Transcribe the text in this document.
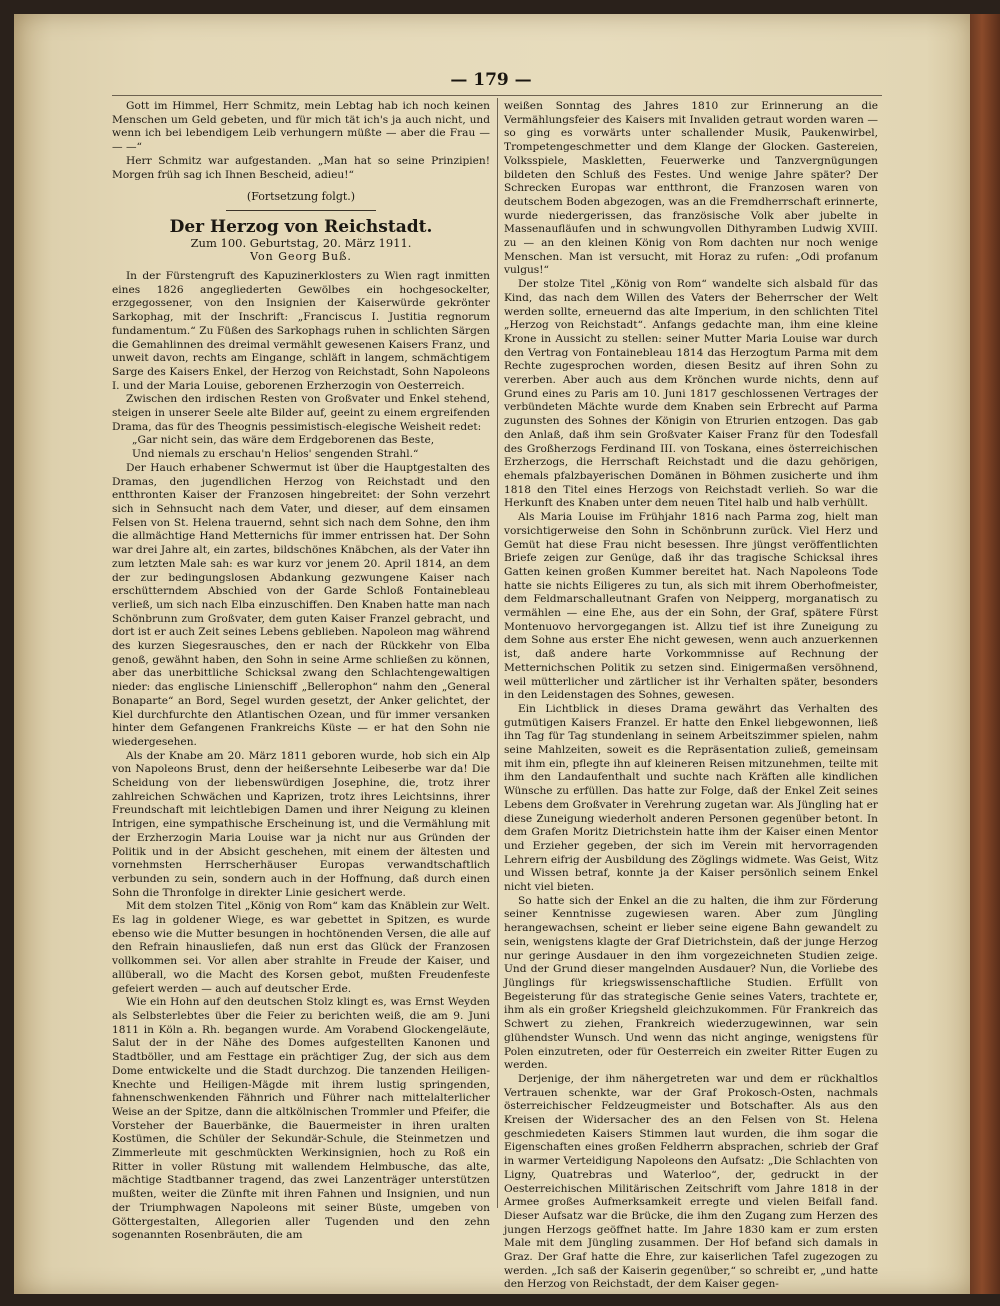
— 179 —

Gott im Himmel, Herr Schmitz, mein Lebtag hab ich noch keinen Menschen um Geld gebeten, und für mich tät ich's ja auch nicht, und wenn ich bei lebendigem Leib verhungern müßte — aber die Frau — — —“

Herr Schmitz war aufgestanden. „Man hat so seine Prinzipien! Morgen früh sag ich Ihnen Bescheid, adieu!“

(Fortsetzung folgt.)

Der Herzog von Reichstadt.

Zum 100. Geburtstag, 20. März 1911.

Von Georg Buß.

In der Fürstengruft des Kapuzinerklosters zu Wien ragt inmitten eines 1826 angegliederten Gewölbes ein hochgesockelter, erzgegossener, von den Insignien der Kaiserwürde gekrönter Sarkophag, mit der Inschrift: „Franciscus I. Justitia regnorum fundamentum.“ Zu Füßen des Sarkophags ruhen in schlichten Särgen die Gemahlinnen des dreimal vermählt gewesenen Kaisers Franz, und unweit davon, rechts am Eingange, schläft in langem, schmächtigem Sarge des Kaisers Enkel, der Herzog von Reichstadt, Sohn Napoleons I. und der Maria Louise, geborenen Erzherzogin von Oesterreich.

Zwischen den irdischen Resten von Großvater und Enkel stehend, steigen in unserer Seele alte Bilder auf, geeint zu einem ergreifenden Drama, das für des Theognis pessimistisch-elegische Weisheit redet:

„Gar nicht sein, das wäre dem Erdgeborenen das Beste,

Und niemals zu erschau'n Helios' sengenden Strahl.“

Der Hauch erhabener Schwermut ist über die Hauptgestalten des Dramas, den jugendlichen Herzog von Reichstadt und den entthronten Kaiser der Franzosen hingebreitet: der Sohn verzehrt sich in Sehnsucht nach dem Vater, und dieser, auf dem einsamen Felsen von St. Helena trauernd, sehnt sich nach dem Sohne, den ihm die allmächtige Hand Metternichs für immer entrissen hat. Der Sohn war drei Jahre alt, ein zartes, bildschönes Knäbchen, als der Vater ihn zum letzten Male sah: es war kurz vor jenem 20. April 1814, an dem der zur bedingungslosen Abdankung gezwungene Kaiser nach erschütterndem Abschied von der Garde Schloß Fontainebleau verließ, um sich nach Elba einzuschiffen. Den Knaben hatte man nach Schönbrunn zum Großvater, dem guten Kaiser Franzel gebracht, und dort ist er auch Zeit seines Lebens geblieben. Napoleon mag während des kurzen Siegesrausches, den er nach der Rückkehr von Elba genoß, gewähnt haben, den Sohn in seine Arme schließen zu können, aber das unerbittliche Schicksal zwang den Schlachtengewaltigen nieder: das englische Linienschiff „Bellerophon“ nahm den „General Bonaparte“ an Bord, Segel wurden gesetzt, der Anker gelichtet, der Kiel durchfurchte den Atlantischen Ozean, und für immer versanken hinter dem Gefangenen Frankreichs Küste — er hat den Sohn nie wiedergesehen.

Als der Knabe am 20. März 1811 geboren wurde, hob sich ein Alp von Napoleons Brust, denn der heißersehnte Leibeserbe war da! Die Scheidung von der liebenswürdigen Josephine, die, trotz ihrer zahlreichen Schwächen und Kaprizen, trotz ihres Leichtsinns, ihrer Freundschaft mit leichtlebigen Damen und ihrer Neigung zu kleinen Intrigen, eine sympathische Erscheinung ist, und die Vermählung mit der Erzherzogin Maria Louise war ja nicht nur aus Gründen der Politik und in der Absicht geschehen, mit einem der ältesten und vornehmsten Herrscherhäuser Europas verwandtschaftlich verbunden zu sein, sondern auch in der Hoffnung, daß durch einen Sohn die Thronfolge in direkter Linie gesichert werde.

Mit dem stolzen Titel „König von Rom“ kam das Knäblein zur Welt. Es lag in goldener Wiege, es war gebettet in Spitzen, es wurde ebenso wie die Mutter besungen in hochtönenden Versen, die alle auf den Refrain hinausliefen, daß nun erst das Glück der Franzosen vollkommen sei. Vor allen aber strahlte in Freude der Kaiser, und allüberall, wo die Macht des Korsen gebot, mußten Freudenfeste gefeiert werden — auch auf deutscher Erde.

Wie ein Hohn auf den deutschen Stolz klingt es, was Ernst Weyden als Selbsterlebtes über die Feier zu berichten weiß, die am 9. Juni 1811 in Köln a. Rh. begangen wurde. Am Vorabend Glockengeläute, Salut der in der Nähe des Domes aufgestellten Kanonen und Stadtböller, und am Festtage ein prächtiger Zug, der sich aus dem Dome entwickelte und die Stadt durchzog. Die tanzenden Heiligen-Knechte und Heiligen-Mägde mit ihrem lustig springenden, fahnenschwenkenden Fähnrich und Führer nach mittelalterlicher Weise an der Spitze, dann die altkölnischen Trommler und Pfeifer, die Vorsteher der Bauerbänke, die Bauermeister in ihren uralten Kostümen, die Schüler der Sekundär-Schule, die Steinmetzen und Zimmerleute mit geschmückten Werkinsignien, hoch zu Roß ein Ritter in voller Rüstung mit wallendem Helmbusche, das alte, mächtige Stadtbanner tragend, das zwei Lanzenträger unterstützen mußten, weiter die Zünfte mit ihren Fahnen und Insignien, und nun der Triumphwagen Napoleons mit seiner Büste, umgeben von Göttergestalten, Allegorien aller Tugenden und den zehn sogenannten Rosenbräuten, die am

weißen Sonntag des Jahres 1810 zur Erinnerung an die Vermählungsfeier des Kaisers mit Invaliden getraut worden waren — so ging es vorwärts unter schallender Musik, Paukenwirbel, Trompetengeschmetter und dem Klange der Glocken. Gastereien, Volksspiele, Maskletten, Feuerwerke und Tanzvergnügungen bildeten den Schluß des Festes. Und wenige Jahre später? Der Schrecken Europas war entthront, die Franzosen waren von deutschem Boden abgezogen, was an die Fremdherrschaft erinnerte, wurde niedergerissen, das französische Volk aber jubelte in Massenaufläufen und in schwungvollen Dithyramben Ludwig XVIII. zu — an den kleinen König von Rom dachten nur noch wenige Menschen. Man ist versucht, mit Horaz zu rufen: „Odi profanum vulgus!“

Der stolze Titel „König von Rom“ wandelte sich alsbald für das Kind, das nach dem Willen des Vaters der Beherrscher der Welt werden sollte, erneuernd das alte Imperium, in den schlichten Titel „Herzog von Reichstadt“. Anfangs gedachte man, ihm eine kleine Krone in Aussicht zu stellen: seiner Mutter Maria Louise war durch den Vertrag von Fontainebleau 1814 das Herzogtum Parma mit dem Rechte zugesprochen worden, diesen Besitz auf ihren Sohn zu vererben. Aber auch aus dem Krönchen wurde nichts, denn auf Grund eines zu Paris am 10. Juni 1817 geschlossenen Vertrages der verbündeten Mächte wurde dem Knaben sein Erbrecht auf Parma zugunsten des Sohnes der Königin von Etrurien entzogen. Das gab den Anlaß, daß ihm sein Großvater Kaiser Franz für den Todesfall des Großherzogs Ferdinand III. von Toskana, eines österreichischen Erzherzogs, die Herrschaft Reichstadt und die dazu gehörigen, ehemals pfalzbayerischen Domänen in Böhmen zusicherte und ihm 1818 den Titel eines Herzogs von Reichstadt verlieh. So war die Herkunft des Knaben unter dem neuen Titel halb und halb verhüllt.

Als Maria Louise im Frühjahr 1816 nach Parma zog, hielt man vorsichtigerweise den Sohn in Schönbrunn zurück. Viel Herz und Gemüt hat diese Frau nicht besessen. Ihre jüngst veröffentlichten Briefe zeigen zur Genüge, daß ihr das tragische Schicksal ihres Gatten keinen großen Kummer bereitet hat. Nach Napoleons Tode hatte sie nichts Eiligeres zu tun, als sich mit ihrem Oberhofmeister, dem Feldmarschalleutnant Grafen von Neipperg, morganatisch zu vermählen — eine Ehe, aus der ein Sohn, der Graf, spätere Fürst Montenuovo hervorgegangen ist. Allzu tief ist ihre Zuneigung zu dem Sohne aus erster Ehe nicht gewesen, wenn auch anzuerkennen ist, daß andere harte Vorkommnisse auf Rechnung der Metternichschen Politik zu setzen sind. Einigermaßen versöhnend, weil mütterlicher und zärtlicher ist ihr Verhalten später, besonders in den Leidenstagen des Sohnes, gewesen.

Ein Lichtblick in dieses Drama gewährt das Verhalten des gutmütigen Kaisers Franzel. Er hatte den Enkel liebgewonnen, ließ ihn Tag für Tag stundenlang in seinem Arbeitszimmer spielen, nahm seine Mahlzeiten, soweit es die Repräsentation zuließ, gemeinsam mit ihm ein, pflegte ihn auf kleineren Reisen mitzunehmen, teilte mit ihm den Landaufenthalt und suchte nach Kräften alle kindlichen Wünsche zu erfüllen. Das hatte zur Folge, daß der Enkel Zeit seines Lebens dem Großvater in Verehrung zugetan war. Als Jüngling hat er diese Zuneigung wiederholt anderen Personen gegenüber betont. In dem Grafen Moritz Dietrichstein hatte ihm der Kaiser einen Mentor und Erzieher gegeben, der sich im Verein mit hervorragenden Lehrern eifrig der Ausbildung des Zöglings widmete. Was Geist, Witz und Wissen betraf, konnte ja der Kaiser persönlich seinem Enkel nicht viel bieten.

So hatte sich der Enkel an die zu halten, die ihm zur Förderung seiner Kenntnisse zugewiesen waren. Aber zum Jüngling herangewachsen, scheint er lieber seine eigene Bahn gewandelt zu sein, wenigstens klagte der Graf Dietrichstein, daß der junge Herzog nur geringe Ausdauer in den ihm vorgezeichneten Studien zeige. Und der Grund dieser mangelnden Ausdauer? Nun, die Vorliebe des Jünglings für kriegswissenschaftliche Studien. Erfüllt von Begeisterung für das strategische Genie seines Vaters, trachtete er, ihm als ein großer Kriegsheld gleichzukommen. Für Frankreich das Schwert zu ziehen, Frankreich wiederzugewinnen, war sein glühendster Wunsch. Und wenn das nicht anginge, wenigstens für Polen einzutreten, oder für Oesterreich ein zweiter Ritter Eugen zu werden.

Derjenige, der ihm nähergetreten war und dem er rückhaltlos Vertrauen schenkte, war der Graf Prokosch-Osten, nachmals österreichischer Feldzeugmeister und Botschafter. Als aus den Kreisen der Widersacher des an den Felsen von St. Helena geschmiedeten Kaisers Stimmen laut wurden, die ihm sogar die Eigenschaften eines großen Feldherrn absprachen, schrieb der Graf in warmer Verteidigung Napoleons den Aufsatz: „Die Schlachten von Ligny, Quatrebras und Waterloo“, der, gedruckt in der Oesterreichischen Militärischen Zeitschrift vom Jahre 1818 in der Armee großes Aufmerksamkeit erregte und vielen Beifall fand. Dieser Aufsatz war die Brücke, die ihm den Zugang zum Herzen des jungen Herzogs geöffnet hatte. Im Jahre 1830 kam er zum ersten Male mit dem Jüngling zusammen. Der Hof befand sich damals in Graz. Der Graf hatte die Ehre, zur kaiserlichen Tafel zugezogen zu werden. „Ich saß der Kaiserin gegenüber,“ so schreibt er, „und hatte den Herzog von Reichstadt, der dem Kaiser gegen-
